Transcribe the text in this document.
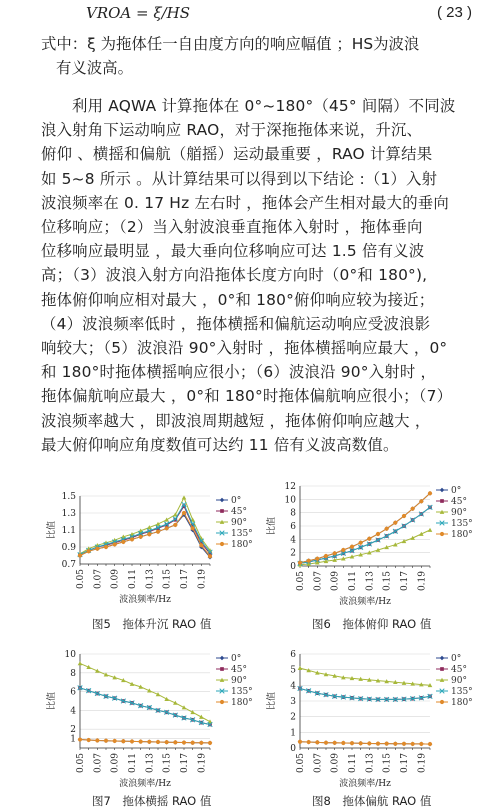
VROA = ξ/HS	( 23 )
式中：ξ 为拖体任一自由度方向的响应幅值 ；HS为波浪
有义波高。
利用 AQWA 计算拖体在 0°~180°（45° 间隔）不同波
浪入射角下运动响应 RAO，对于深拖拖体来说，升沉、
俯仰 、横摇和偏航（艏摇）运动最重要 ，RAO 计算结果
如 5~8 所示 。从计算结果可以得到以下结论 :（1）入射
波浪频率在 0. 17 Hz 左右时 ，拖体会产生相对最大的垂向
位移响应；（2）当入射波浪垂直拖体入射时 ，拖体垂向
位移响应最明显 ，最大垂向位移响应可达 1.5 倍有义波
高；（3）波浪入射方向沿拖体长度方向时（0°和 180°),
拖体俯仰响应相对最大 ，0°和 180°俯仰响应较为接近；
（4）波浪频率低时 ，拖体横摇和偏航运动响应受波浪影
响较大；（5）波浪沿 90°入射时 ，拖体横摇响应最大 ，0°
和 180°时拖体横摇响应很小；（6）波浪沿 90°入射时 ，
拖体偏航响应最大 ，0°和 180°时拖体偏航响应很小；（7）
波浪频率越大 ，即波浪周期越短 ，拖体俯仰响应越大 ，
最大俯仰响应角度数值可达约 11 倍有义波高数值。
0.7
0.9
1.1
1.3
1.5
0.05 0.07 0.09 0.11 0.13 0.15 0.17 0.19
波浪频率/Hz
比值
0°
45°
90°
135°
180°
0
2
4
6
8
10
12
0.05 0.07 0.09 0.11 0.13 0.15 0.17 0.19
波浪频率/Hz
比值
0°
45°
90°
135°
180°
1
2
4
6
8
10
0.05 0.07 0.09 0.11 0.13 0.15 0.17 0.19
波浪频率/Hz
比值
0°
45°
90°
135°
180°
0
1
2
3
4
5
6
0.05 0.07 0.09 0.11 0.13 0.15 0.17 0.19
波浪频率/Hz
比值
0°
45°
90°
135°
180°
图5　拖体升沉 RAO 值	图6　拖体俯仰 RAO 值
图7　拖体横摇 RAO 值	图8　拖体偏航 RAO 值
